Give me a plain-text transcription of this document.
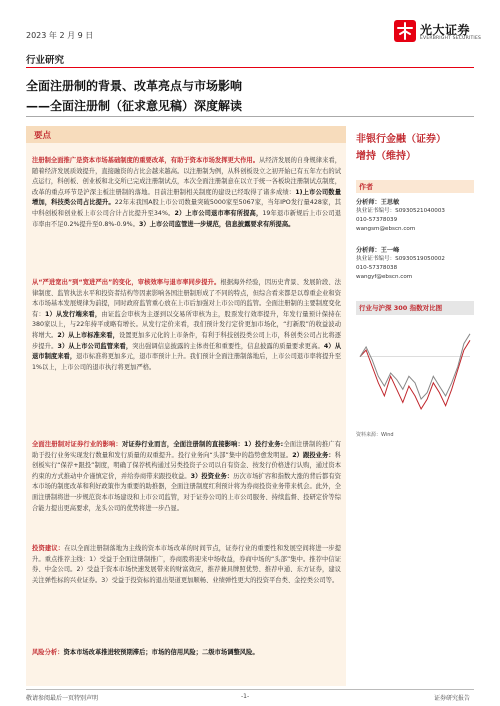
2023 年 2 月 9 日	光大证券
EVERBRIGHT SECURITIES
行业研究
全面注册制的背景、改革亮点与市场影响
——全面注册制（征求意见稿）深度解读
要点
注册制全面推广是资本市场基础制度的重要改革，有助于资本市场发挥更大作用。从经济发展的自身规律来看，随着经济发展质效提升，直接融资的占比会越来越高。以注册制为例，从科创板设立之初开始已有五年左右的试点运行，科创板、创业板和北交所已完成注册制试点，本次全面注册制意在以立于统一各板块注册制试点制度，改革的重点环节是沪深主板注册制的落地。目前注册制相关制度的建设已经取得了诸多成绩：1)上市公司数量增加，科技类公司占比提升。22年末我国A股上市公司数量突破5000家至5067家，当年IPO发行量428家，其中科创板和创业板上市公司合计占比提升至34%。2）上市公司退市率有所提高，19年退市新规后上市公司退市率由不足0.2%提升至0.8%-0.9%。3）上市公司监管进一步规范，信息披露要求有所提高。
从“严进宽出”到“宽进严出”的变化，审核效率与退市率同步提升。根据海外经验，因历史背景、发展阶段、法律制度、监管执法水平和投资者结构等因素影响各国注册制形成了不同的特点，但综合看来都是以尊重企业和资本市场基本发展规律为前提，同时政府监管重心放在上市后加强对上市公司的监管。全面注册制的主要制度变化有：1）从发行端来看，由证监会审核为主逐到以交易所审核为主，股票发行效率提升，年发行量预计保持在380家以上，与22年持平或略有增长。从发行定价来看，我们预计发行定价更加市场化，“打新股”的收益波动将增大。2）从上市标准来看，设置更加多元化的上市条件，有利于科技创投类公司上市，科创类公司占比将逐步提升。3）从上市公司监管来看，突出强调信息披露的主体责任和重要性，信息披露的质量要求更高。4）从退市制度来看，退市标准将更加多元，退市率预计上升。我们预计全面注册制落地后，上市公司退市率将提升至1%以上，上市公司的退市执行将更加严格。
全面注册制对证券行业的影响：对证券行业而言，全面注册制的直接影响：1）投行业务:全面注册制的推广有助于投行业务实现发行数量和发行质量的双重提升。投行业务向“头部”集中的趋势愈发明显。2）跟投业务：科创板实行“保荐+跟投”制度，明确了保荐机构通过另类投资子公司以自有资金、按发行价格进行认购，通过资本约束的方式推动中介谨慎定价，并给券商带来跟投收益。3）投资业务：历次市场扩容和指数大涨的背后都有资本市场的制度改革和利好政策作为重要的助推器，全面注册制度红利预计将为券商投资业务带来机会。此外，全面注册制将进一步规范资本市场建设和上市公司监管，对于证券公司的上市公司服务、持续监督、投研定价等综合能力提出更高要求，龙头公司的优势将进一步凸显。
投资建议：在以全面注册制落地为主线的资本市场改革的时间节点，证券行业的重要性和发展空间将进一步提升。重点推荐主线：1）受益于全面注册制推广，券商股将迎来中场收益，券商中场的“头部”集中。推荐中信证券、中金公司。2）受益于资本市场快速发展带来的财富效应，推荐兼具牌照优势、推荐申通、东方证券，建议关注弹性标的兴业证券。3）受益于投资标的退出渠道更加顺畅、业绩弹性更大的投资平台类、金控类公司等。
风险分析：资本市场改革推进较预期滞后；市场的信用风险；二级市场调整风险。
非银行金融（证券）
增持（维持）
作者
分析师：王思敏
执业证书编号：S0930521040003
010-57378039
wangsm@ebscn.com
分析师：王一峰
执业证书编号：S0930519050002
010-57378038
wangyf@ebscn.com
行业与沪深 300 指数对比图
资料来源：Wind
敬请参阅最后一页特别声明	-1-	证券研究报告
